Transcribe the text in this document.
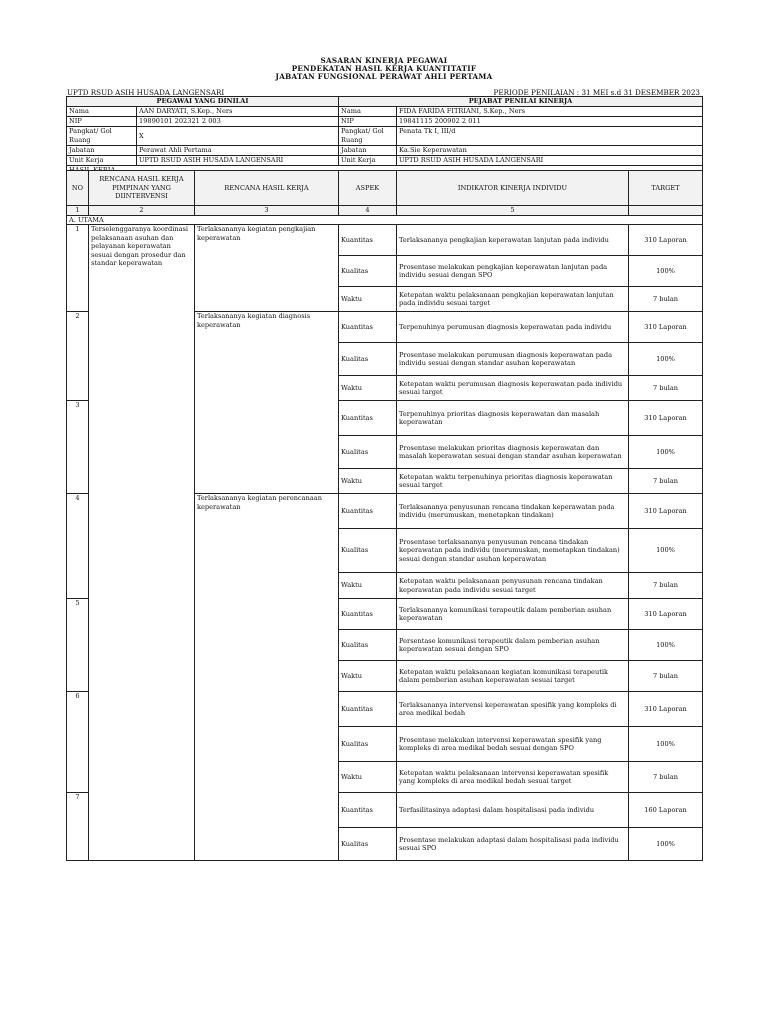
SASARAN KINERJA PEGAWAI
PENDEKATAN HASIL KERJA KUANTITATIF
JABATAN FUNGSIONAL PERAWAT AHLI PERTAMA
UPTD RSUD ASIH HUSADA LANGENSARI	PERIODE PENILAIAN : 31 MEI s.d 31 DESEMBER 2023
PEGAWAI YANG DINILAI		PEJABAT PENILAI KINERJA	
Nama	AAN DARYATI, S.Kep., Ners	Nama	FIDA FARIDA FITRIANI, S.Kep., Ners
NIP	19890101 202321 2 003	NIP	19841115 200902 2 011
Pangkat/ Gol Ruang	X	Pangkat/ Gol Ruang	Penata Tk I, III/d
Jabatan	Perawat Ahli Pertama	Jabatan	Ka.Sie Keperawatan
Unit Kerja	UPTD RSUD ASIH HUSADA LANGENSARI	Unit Kerja	UPTD RSUD ASIH HUSADA LANGENSARI

NO	RENCANA HASIL KERJA PIMPINAN YANG DIINTERVENSI	RENCANA HASIL KERJA	ASPEK	INDIKATOR KINERJA INDIVIDU	TARGET
1	2	3	4	5	
A. UTAMA					
1	Terselenggaranya koordinasi pelaksanaan asuhan dan pelayanan keperawatan sesuai dengan prosedur dan standar keperawatan	Terlaksananya kegiatan pengkajian keperawatan	Kuantitas	Terlaksananya pengkajian keperawatan lanjutan pada individu	310 Laporan
			Kualitas	Prosentase melakukan pengkajian keperawatan lanjutan pada individu sesuai dengan SPO	100%
			Waktu	Ketepatan waktu pelaksanaan pengkajian keperawatan lanjutan pada individu sesuai target	7 bulan
2		Terlaksananya kegiatan diagnosis keperawatan	Kuantitas	Terpenuhinya perumusan diagnosis keperawatan pada individu	310 Laporan
			Kualitas	Prosentase melakukan perumusan diagnosis keperawatan pada individu sesuai dengan standar asuhan keperawatan	100%
			Waktu	Ketepatan waktu perumusan diagnosis keperawatan pada individu sesuai target	7 bulan
3			Kuantitas	Terpenuhinya prioritas diagnosis keperawatan dan masalah keperawatan	310 Laporan
			Kualitas	Prosentase melakukan prioritas diagnosis keperawatan dan masalah keperawatan sesuai dengan standar asuhan keperawatan	100%
			Waktu	Ketepatan waktu terpenuhinya prioritas diagnosis keperawatan sesuai target	7 bulan
4		Terlaksananya kegiatan perencanaan keperawatan	Kuantitas	Terlaksananya penyusunan rencana tindakan keperawatan pada individu (merumuskan, menetapkan tindakan)	310 Laporan
			Kualitas	Prosentase terlaksananya penyusunan rencana tindakan keperawatan pada individu (merumuskan, memetapkan tindakan) sesuai dengan standar asuhan keperawatan	100%
			Waktu	Ketepatan waktu pelaksanaan penyusunan rencana tindakan keperawatan pada individu sesuai target	7 bulan
5			Kuantitas	Terlaksananya komunikasi terapeutik dalam pemberian asuhan keperawatan	310 Laporan
			Kualitas	Persentase komunikasi terapeutik dalam pemberian asuhan keperawatan sesuai dengan SPO	100%
			Waktu	Ketepatan waktu pelaksanaan kegiatan komunikasi terapeutik dalam pemberian asuhan keperawatan sesuai target	7 bulan
6			Kuantitas	Terlaksananya intervensi keperawatan spesifik yang kompleks di area medikal bedah	310 Laporan
			Kualitas	Prosentase melakukan intervensi keperawatan spesifik yang kompleks di area medikal bedah sesuai dengan SPO	100%
			Waktu	Ketepatan waktu pelaksanaan intervensi keperawatan spesifik yang kompleks di area medikal bedah sesuai target	7 bulan
7			Kuantitas	Terfasilitasinya adaptasi dalam hospitalisasi pada individu	160 Laporan
			Kualitas	Prosentase melakukan adaptasi dalam hospitalisasi pada individu sesuai SPO	100%
